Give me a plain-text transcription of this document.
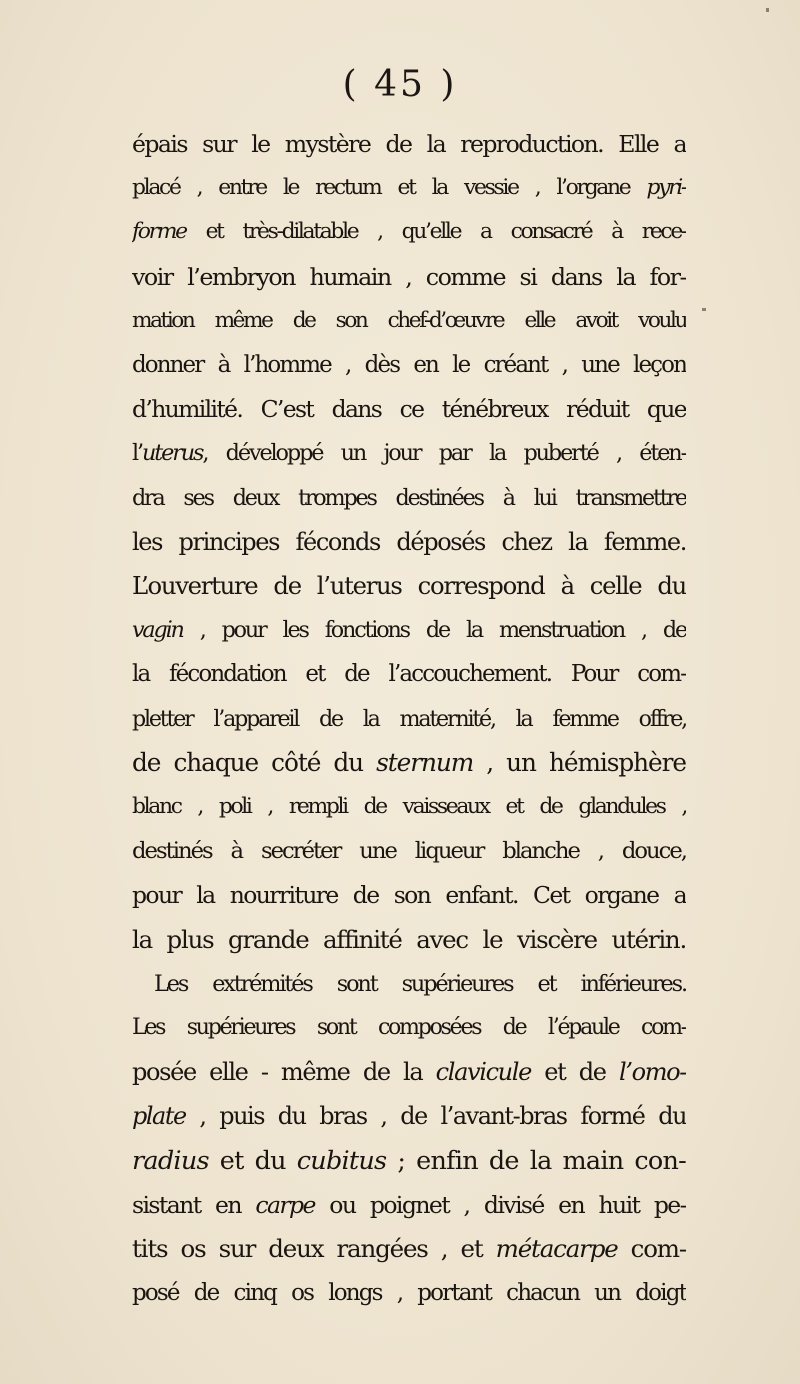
( 45 )
épais sur le mystère de la reproduction. Elle a
placé , entre le rectum et la vessie , l’organe pyri-
forme et très-dilatable , qu’elle a consacré à rece-
voir l’embryon humain , comme si dans la for-
mation même de son chef-d’œuvre elle avoit voulu
donner à l’homme , dès en le créant , une leçon
d’humilité. C’est dans ce ténébreux réduit que
l’uterus, développé un jour par la puberté , éten-
dra ses deux trompes destinées à lui transmettre
les principes féconds déposés chez la femme.
L’ouverture de l’uterus correspond à celle du
vagin , pour les fonctions de la menstruation , de
la fécondation et de l’accouchement. Pour com-
pletter l’appareil de la maternité, la femme offre,
de chaque côté du sternum , un hémisphère
blanc , poli , rempli de vaisseaux et de glandules ,
destinés à secréter une liqueur blanche , douce,
pour la nourriture de son enfant. Cet organe a
la plus grande affinité avec le viscère utérin.
Les extrémités sont supérieures et inférieures.
Les supérieures sont composées de l’épaule com-
posée elle - même de la clavicule et de l’omo-
plate , puis du bras , de l’avant-bras formé du
radius et du cubitus ; enfin de la main con-
sistant en carpe ou poignet , divisé en huit pe-
tits os sur deux rangées , et métacarpe com-
posé de cinq os longs , portant chacun un doigt
